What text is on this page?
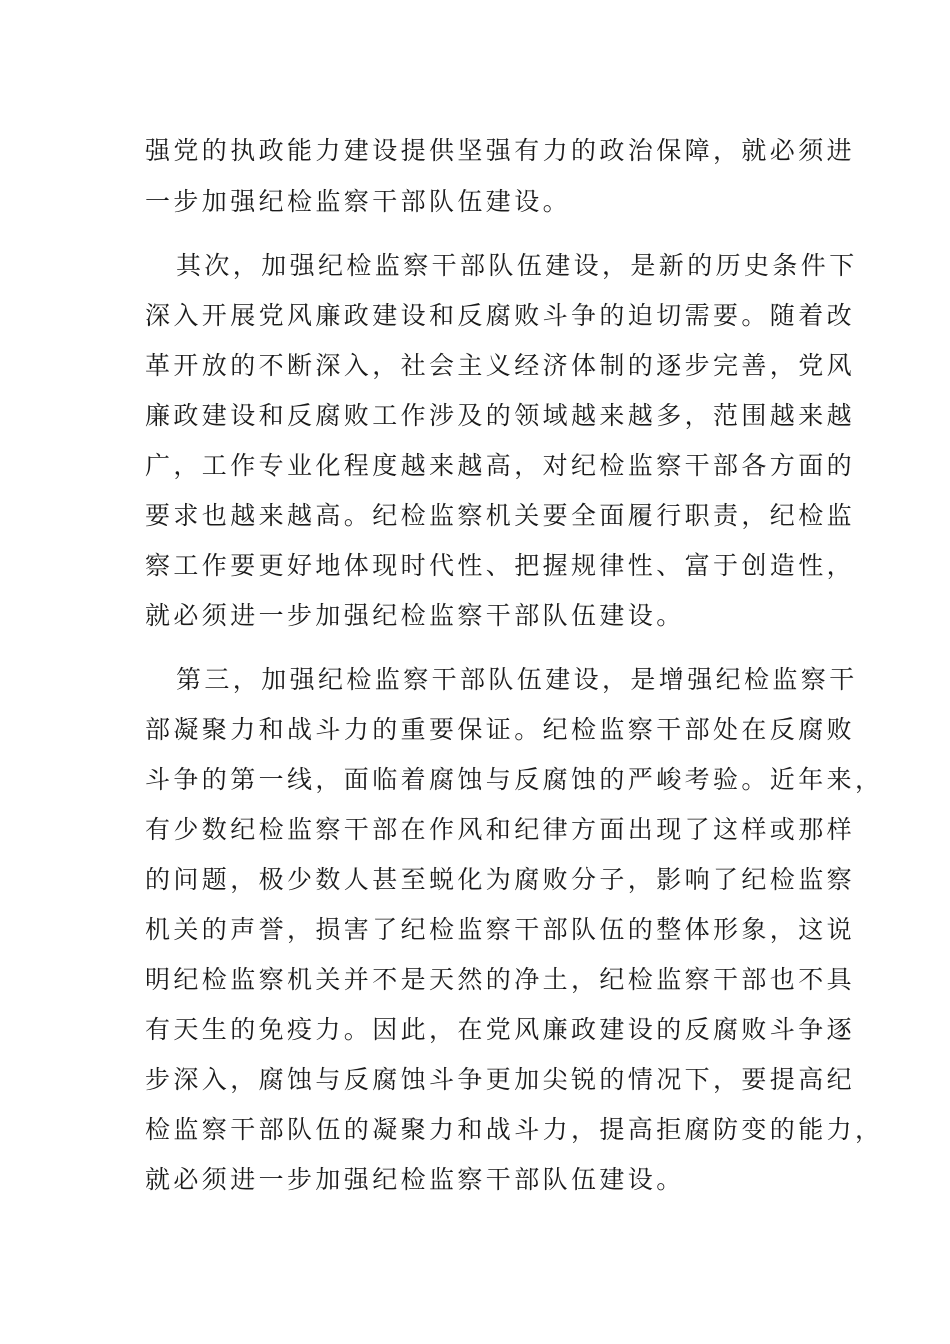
强党的执政能力建设提供坚强有力的政治保障，就必须进
一步加强纪检监察干部队伍建设。
其次，加强纪检监察干部队伍建设，是新的历史条件下
深入开展党风廉政建设和反腐败斗争的迫切需要。随着改
革开放的不断深入，社会主义经济体制的逐步完善，党风
廉政建设和反腐败工作涉及的领域越来越多，范围越来越
广，工作专业化程度越来越高，对纪检监察干部各方面的
要求也越来越高。纪检监察机关要全面履行职责，纪检监
察工作要更好地体现时代性、把握规律性、富于创造性，
就必须进一步加强纪检监察干部队伍建设。
第三，加强纪检监察干部队伍建设，是增强纪检监察干
部凝聚力和战斗力的重要保证。纪检监察干部处在反腐败
斗争的第一线，面临着腐蚀与反腐蚀的严峻考验。近年来，
有少数纪检监察干部在作风和纪律方面出现了这样或那样
的问题，极少数人甚至蜕化为腐败分子，影响了纪检监察
机关的声誉，损害了纪检监察干部队伍的整体形象，这说
明纪检监察机关并不是天然的净土，纪检监察干部也不具
有天生的免疫力。因此，在党风廉政建设的反腐败斗争逐
步深入，腐蚀与反腐蚀斗争更加尖锐的情况下，要提高纪
检监察干部队伍的凝聚力和战斗力，提高拒腐防变的能力，
就必须进一步加强纪检监察干部队伍建设。
